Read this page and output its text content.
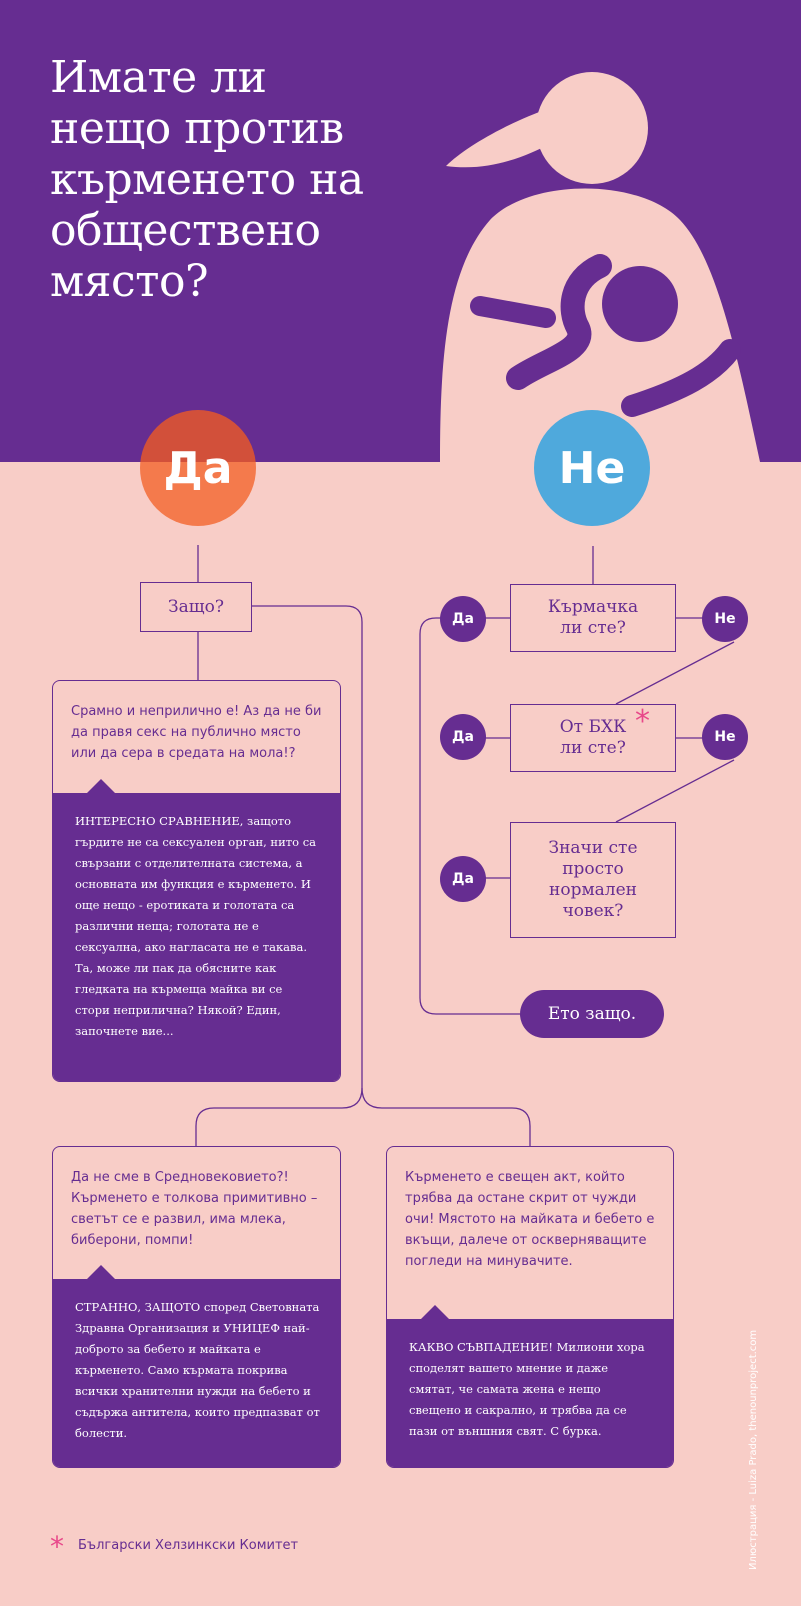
Имате ли
нещо против
кърменето на
обществено
място?
Да	Не
Защо?	Кърмачка
ли сте?
От БХК
ли сте?
*
Значи сте
просто
нормален
човек?
Да
Да
Да
Не
Не
Ето защо.
Срамно и неприлично е! Аз да не би да правя секс на публично място или да сера в средата на мола!?
ИНТЕРЕСНО СРАВНЕНИЕ, защото гърдите не са сексуален орган, нито са свързани с отделителната система, а основната им функция е кърменето. И още нещо - еротиката и голотата са различни неща; голотата не е сексуална, ако нагласата не е такава. Та, може ли пак да обясните как гледката на кърмеща майка ви се стори неприлична? Някой? Един, започнете вие...
Да не сме в Средновековието?! Кърменето е толкова примитивно – светът се е развил, има млека, биберони, помпи!
СТРАННО, ЗАЩОТО според Световната Здравна Организация и УНИЦЕФ най-доброто за бебето и майката е кърменето. Само кърмата покрива всички хранителни нужди на бебето и съдържа антитела, които предпазват от болести.
Кърменето е свещен акт, който трябва да остане скрит от чужди очи! Мястото на майката и бебето е вкъщи, далече от оскверняващите погледи на минувачите.
КАКВО СЪВПАДЕНИЕ! Милиони хора споделят вашето мнение и даже смятат, че самата жена е нещо свещено и сакрално, и трябва да се пази от външния свят. С бурка.
* Български Хелзинкски Комитет	Илюстрация - Luiza Prado, thenounproject.com
